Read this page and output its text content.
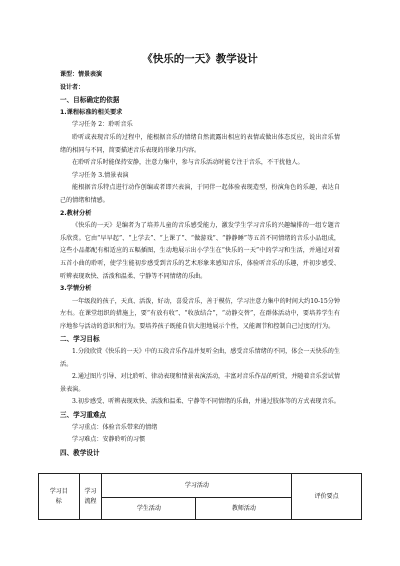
《快乐的一天》教学设计
课型：情景表演
设计者：
一、目标确定的依据
1.课程标准的相关要求

学习任务 2：聆听音乐

聆听或表现音乐的过程中，能根据音乐的情绪自然流露出相应的表情或做出体态反应，说出音乐情绪的相同与不同，简要描述音乐表现的形象月内容。

在聆听音乐时能保持安静，注意力集中，参与音乐活动时能专注于音乐，不干扰他人。

学习任务 3.情景表演

能根据音乐特点进行动作创编或者即兴表演，于同伴一起体验表现造型，扮演角色的乐趣，表达自己的情绪和情感。

2.教材分析

《快乐的一天》是编者为了培养儿童的音乐感受能力，激发学生学习音乐的兴趣编排的一组专题音乐欣赏。它由“早早起”、“上学去”、“上课了”、“做游戏”、“静静睡”等五首不同情绪的音乐小品组成，这些小品都配有相适应的五幅插图，生动地展示出小学生在“快乐的一天”中的学习和生活，并通过对着五首小曲的聆听，使学生能初步感受到音乐的艺术形象来感知音乐，体验听音乐的乐趣，并初步感受、听辨表现欢快、活泼和温柔、宁静等不同情绪的乐曲。

3.学情分析

一年级段的孩子，天真、活泼，好动，喜爱音乐，善于模仿，学习注意力集中的时间大约10-15分钟左右。在课堂组织的措施上，要“有放有收”、“收放结合”，“动静交替”，在群体活动中，要培养学生有序地参与活动的意识和行为。要培养孩子既能自信大胆地展示个性，又能调节和控制自己过度的行为。

二、学习目标

1.分段欣赏《快乐的一天》中的五段音乐作品并复听全曲，感受音乐情绪的不同，体会一天快乐的生活。

2.通过图片引导、对比聆听、律动表现和情景表演活动，丰富对音乐作品的听赏，并随着音乐尝试情景表演。

3.初步感受、听辨表现欢快、活泼和温柔、宁静等不同情绪的乐曲，并通过肢体等的方式表现音乐。

三、学习重难点

学习重点：体验音乐带来的情绪

学习难点：安静聆听的习惯

四、教学设计
学习目标	学习流程	学习活动		评价要点
		学生活动	教师活动	
